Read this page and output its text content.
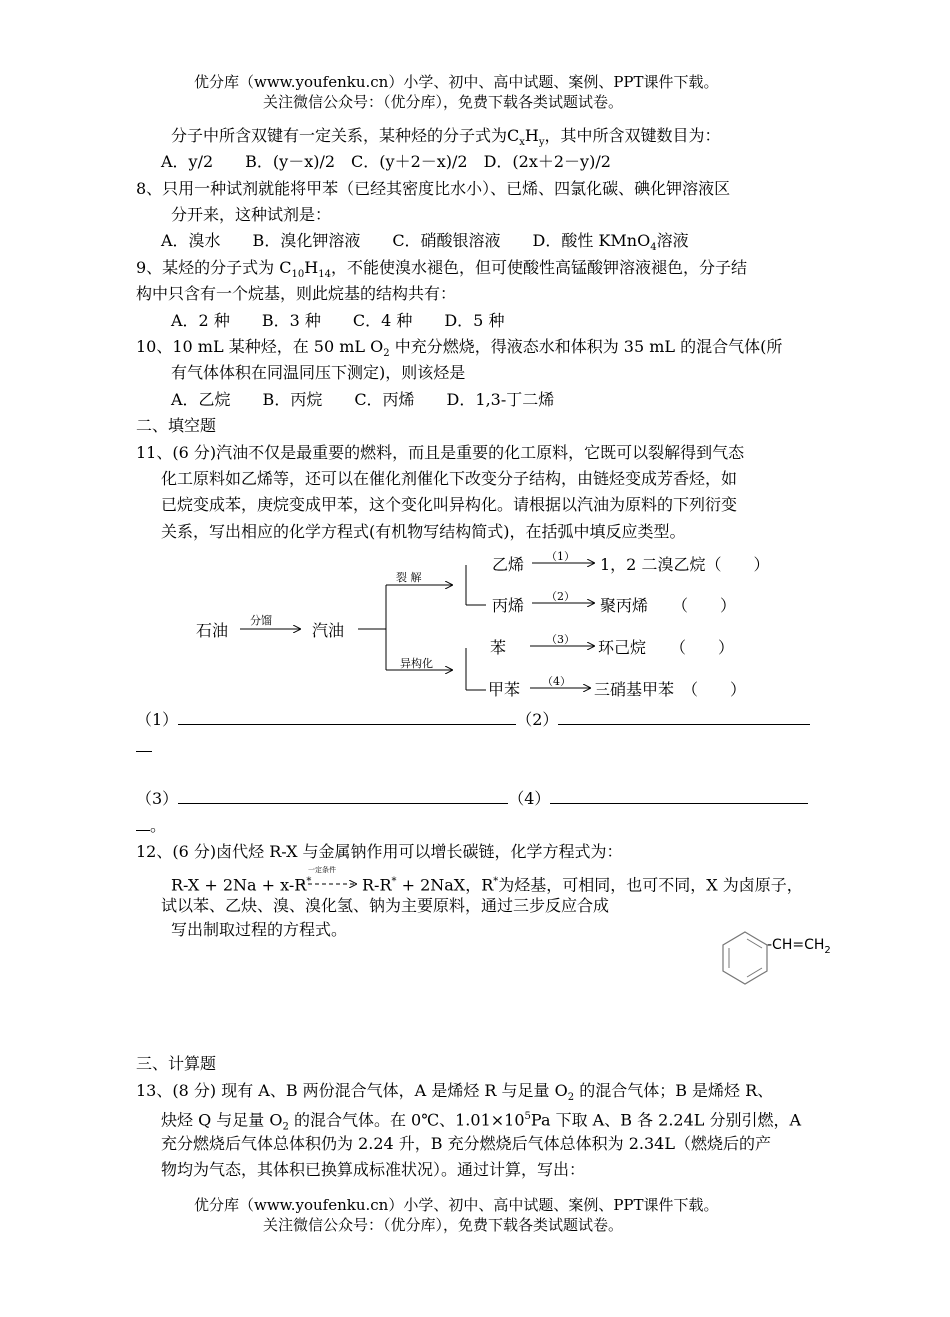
优分库（www.youfenku.cn）小学、初中、高中试题、案例、PPT课件下载。
关注微信公众号：（优分库），免费下载各类试题试卷。
分子中所含双键有一定关系，某种烃的分子式为$C_xH_y$，其中所含双键数目为：
A．y/2　　B．(y－x)/2　C．(y＋2－x)/2　D．(2x＋2－y)/2
8、只用一种试剂就能将甲苯（已经其密度比水小）、已烯、四氯化碳、碘化钾溶液区
分开来，这种试剂是：
A．溴水　　B．溴化钾溶液　　C．硝酸银溶液　　D．酸性 KMnO$_4$溶液
9、某烃的分子式为 $C_{10}H_{14}$，不能使溴水褪色，但可使酸性高锰酸钾溶液褪色，分子结
构中只含有一个烷基，则此烷基的结构共有：
A．2 种　　B．3 种　　C．4 种　　D．5 种
10、10 mL 某种烃，在 50 mL $O_2$ 中充分燃烧，得液态水和体积为 35 mL 的混合气体(所
有气体体积在同温同压下测定)，则该烃是
A．乙烷　　B．丙烷　　C．丙烯　　D．1,3-丁二烯
二、填空题
11、(6 分)汽油不仅是最重要的燃料，而且是重要的化工原料，它既可以裂解得到气态
化工原料如乙烯等，还可以在催化剂催化下改变分子结构，由链烃变成芳香烃，如
已烷变成苯，庚烷变成甲苯，这个变化叫异构化。请根据以汽油为原料的下列衍变
关系，写出相应的化学方程式(有机物写结构简式)，在括弧中填反应类型。
石油
分馏
汽油
裂 解
异构化
乙烯
丙烯
苯
甲苯
（1）
（2）
（3）
（4）
1，2 二溴乙烷（　　）
聚丙烯　　（　　）
环己烷　　（　　）
三硝基甲苯　（　　）
（1）	（2）
（3）	（4）
。
12、(6 分)卤代烃 R-X 与金属钠作用可以增长碳链，化学方程式为：
R-X + 2Na + x-R*
一定条件
R-R* + 2NaX，R*为烃基，可相同，也可不同，X 为卤原子，
试以苯、乙炔、溴、溴化氢、钠为主要原料，通过三步反应合成
写出制取过程的方程式。
$-CH=CH_2$
三、计算题
13、(8 分) 现有 A、B 两份混合气体，A 是烯烃 R 与足量 $O_2$ 的混合气体；B 是烯烃 R、
炔烃 Q 与足量 $O_2$ 的混合气体。在 0℃、$1.01\times 10^5Pa$ 下取 A、B 各 2.24L 分别引燃，A
充分燃烧后气体总体积仍为 2.24 升，B 充分燃烧后气体总体积为 2.34L（燃烧后的产
物均为气态，其体积已换算成标准状况）。通过计算，写出：
优分库（www.youfenku.cn）小学、初中、高中试题、案例、PPT课件下载。
关注微信公众号：（优分库），免费下载各类试题试卷。
